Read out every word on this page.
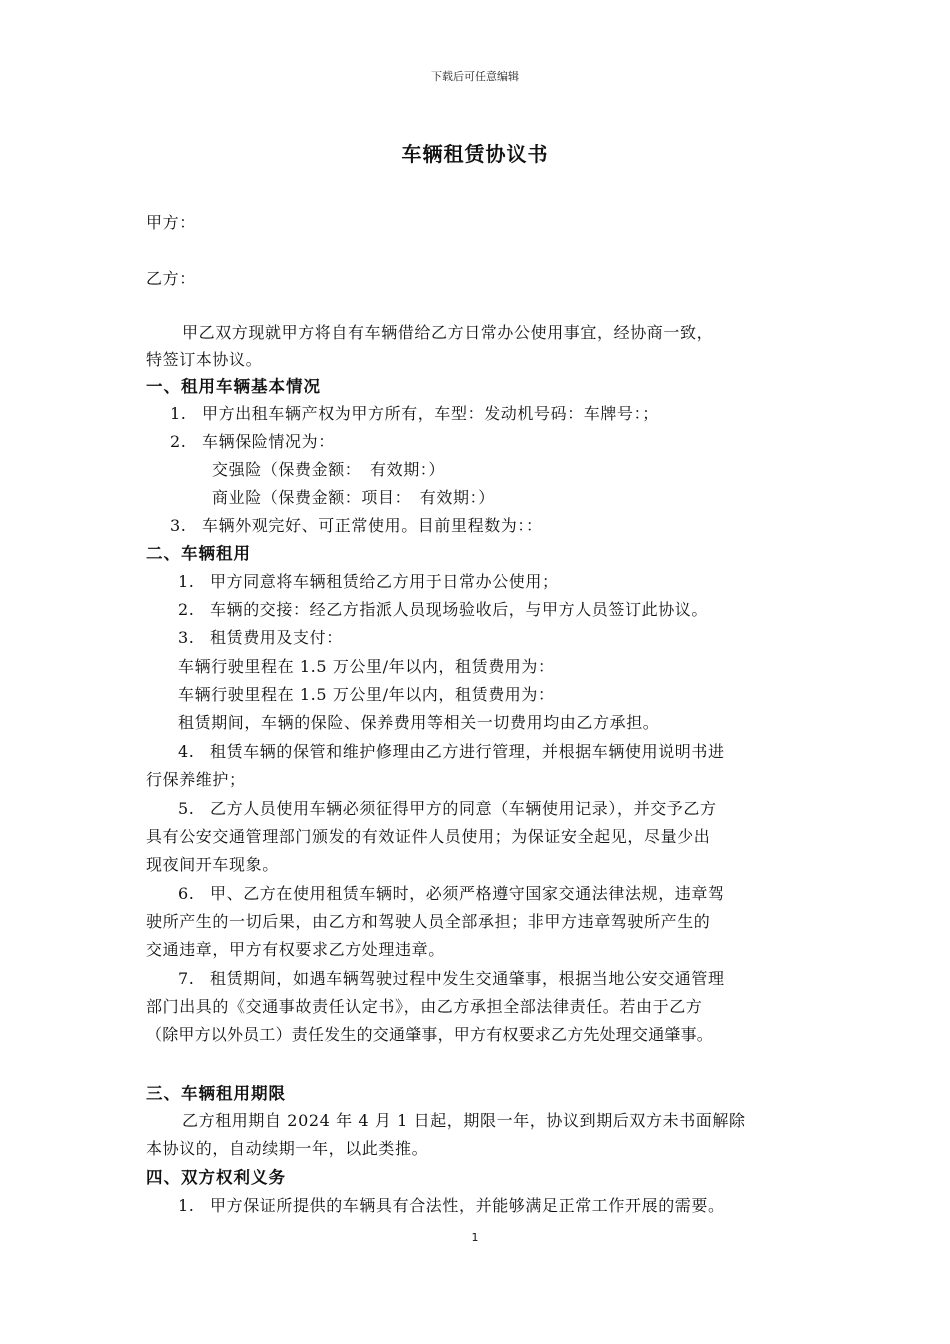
下载后可任意编辑
车辆租赁协议书
甲方：
乙方：
甲乙双方现就甲方将自有车辆借给乙方日常办公使用事宜，经协商一致，
特签订本协议。
一、租用车辆基本情况
1. 甲方出租车辆产权为甲方所有，车型：发动机号码：车牌号：；
2. 车辆保险情况为：
交强险（保费金额：　有效期：）
商业险（保费金额：项目：　有效期：）
3. 车辆外观完好、可正常使用。目前里程数为：：
二、车辆租用
1. 甲方同意将车辆租赁给乙方用于日常办公使用；
2. 车辆的交接：经乙方指派人员现场验收后，与甲方人员签订此协议。
3. 租赁费用及支付：
车辆行驶里程在 1.5 万公里/年以内，租赁费用为：
车辆行驶里程在 1.5 万公里/年以内，租赁费用为：
租赁期间，车辆的保险、保养费用等相关一切费用均由乙方承担。
4. 租赁车辆的保管和维护修理由乙方进行管理，并根据车辆使用说明书进
行保养维护；
5. 乙方人员使用车辆必须征得甲方的同意（车辆使用记录），并交予乙方
具有公安交通管理部门颁发的有效证件人员使用；为保证安全起见，尽量少出
现夜间开车现象。
6. 甲、乙方在使用租赁车辆时，必须严格遵守国家交通法律法规，违章驾
驶所产生的一切后果，由乙方和驾驶人员全部承担；非甲方违章驾驶所产生的
交通违章，甲方有权要求乙方处理违章。
7. 租赁期间，如遇车辆驾驶过程中发生交通肇事，根据当地公安交通管理
部门出具的《交通事故责任认定书》，由乙方承担全部法律责任。若由于乙方
（除甲方以外员工）责任发生的交通肇事，甲方有权要求乙方先处理交通肇事。
三、车辆租用期限
乙方租用期自 2024 年 4 月 1 日起，期限一年，协议到期后双方未书面解除
本协议的，自动续期一年，以此类推。
四、双方权利义务
1. 甲方保证所提供的车辆具有合法性，并能够满足正常工作开展的需要。
1
